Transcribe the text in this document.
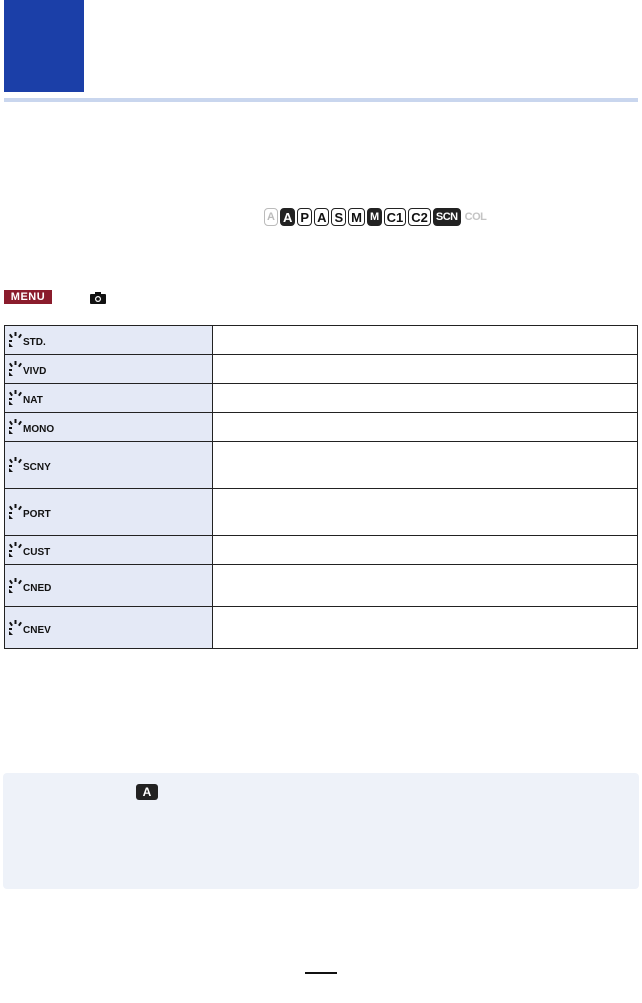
A A P A S M M C1 C2 SCN COL
MENU
STD.	

VIVD	

NAT	

MONO	

SCNY	

PORT	

CUST	

CNED	

CNEV	

A
